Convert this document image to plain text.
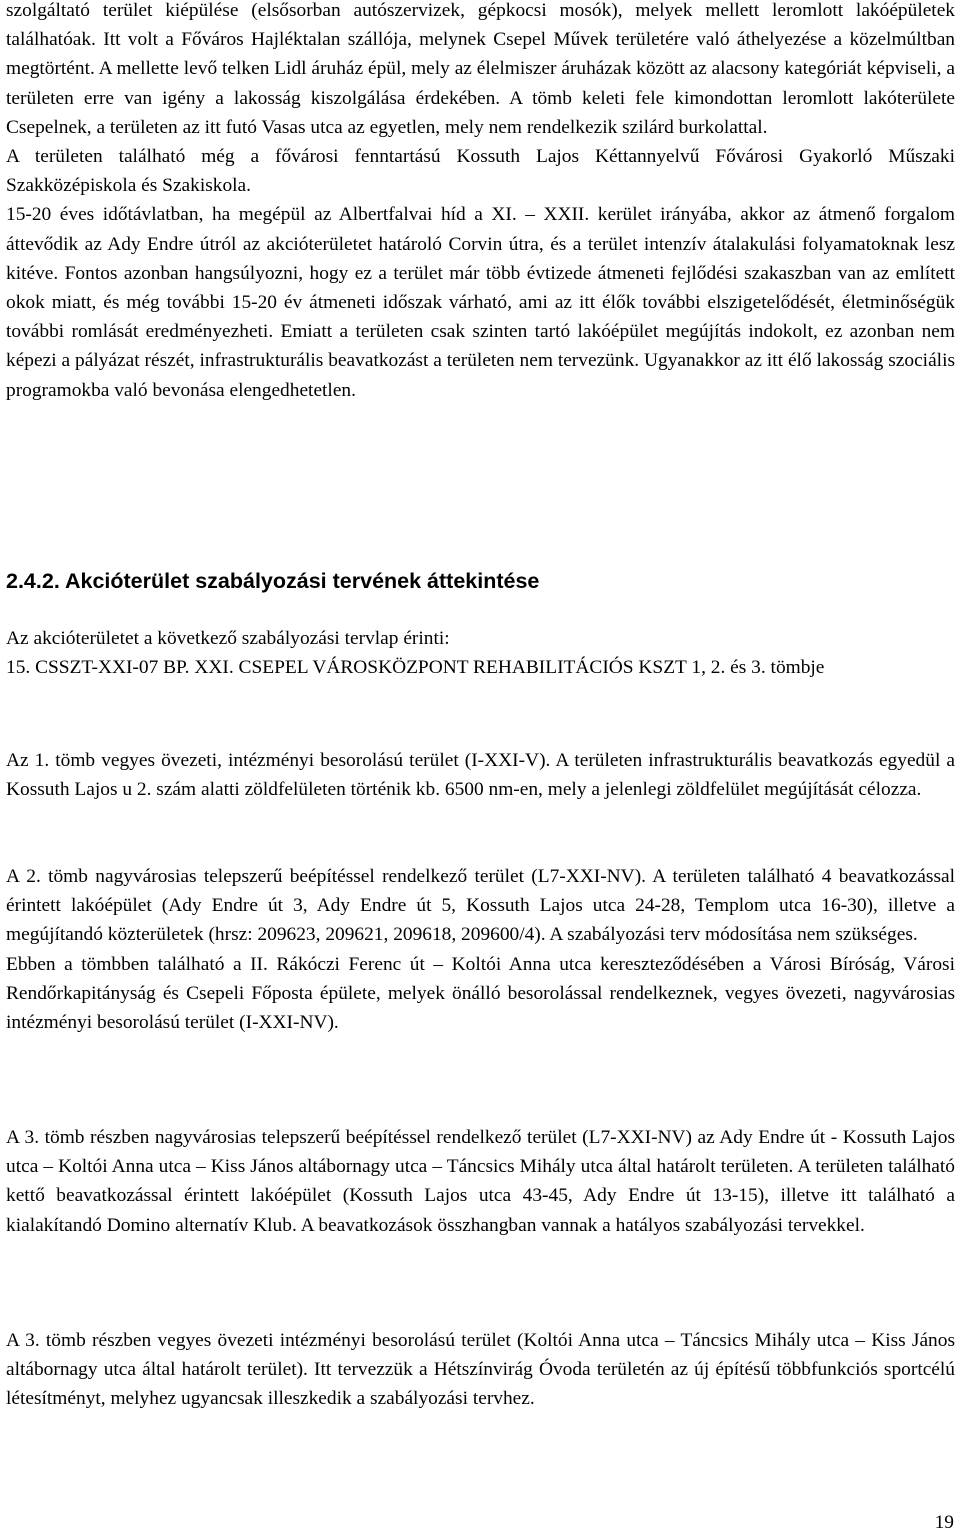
szolgáltató terület kiépülése (elsősorban autószervizek, gépkocsi mosók), melyek mellett leromlott lakóépületek találhatóak. Itt volt a Főváros Hajléktalan szállója, melynek Csepel Művek területére való áthelyezése a közelmúltban megtörtént. A mellette levő telken Lidl áruház épül, mely az élelmiszer áruházak között az alacsony kategóriát képviseli, a területen erre van igény a lakosság kiszolgálása érdekében. A tömb keleti fele kimondottan leromlott lakóterülete Csepelnek, a területen az itt futó Vasas utca az egyetlen, mely nem rendelkezik szilárd burkolattal.

A területen található még a fővárosi fenntartású Kossuth Lajos Kéttannyelvű Fővárosi Gyakorló Műszaki Szakközépiskola és Szakiskola.

15-20 éves időtávlatban, ha megépül az Albertfalvai híd a XI. – XXII. kerület irányába, akkor az átmenő forgalom áttevődik az Ady Endre útról az akcióterületet határoló Corvin útra, és a terület intenzív átalakulási folyamatoknak lesz kitéve. Fontos azonban hangsúlyozni, hogy ez a terület már több évtizede átmeneti fejlődési szakaszban van az említett okok miatt, és még további 15-20 év átmeneti időszak várható, ami az itt élők további elszigetelődését, életminőségük további romlását eredményezheti. Emiatt a területen csak szinten tartó lakóépület megújítás indokolt, ez azonban nem képezi a pályázat részét, infrastrukturális beavatkozást a területen nem tervezünk. Ugyanakkor az itt élő lakosság szociális programokba való bevonása elengedhetetlen.

2.4.2. Akcióterület szabályozási tervének áttekintése

Az akcióterületet a következő szabályozási tervlap érinti:

15. CSSZT-XXI-07 BP. XXI. CSEPEL VÁROSKÖZPONT REHABILITÁCIÓS KSZT 1, 2. és 3. tömbje

Az 1. tömb vegyes övezeti, intézményi besorolású terület (I-XXI-V). A területen infrastrukturális beavatkozás egyedül a Kossuth Lajos u 2. szám alatti zöldfelületen történik kb. 6500 nm-en, mely a jelenlegi zöldfelület megújítását célozza.

A 2. tömb nagyvárosias telepszerű beépítéssel rendelkező terület (L7-XXI-NV). A területen található 4 beavatkozással érintett lakóépület (Ady Endre út 3, Ady Endre út 5, Kossuth Lajos utca 24-28, Templom utca 16-30), illetve a megújítandó közterületek (hrsz: 209623, 209621, 209618, 209600/4). A szabályozási terv módosítása nem szükséges.

Ebben a tömbben található a II. Rákóczi Ferenc út – Koltói Anna utca kereszteződésében a Városi Bíróság, Városi Rendőrkapitányság és Csepeli Főposta épülete, melyek önálló besorolással rendelkeznek, vegyes övezeti, nagyvárosias intézményi besorolású terület (I-XXI-NV).

A 3. tömb részben nagyvárosias telepszerű beépítéssel rendelkező terület (L7-XXI-NV) az Ady Endre út - Kossuth Lajos utca – Koltói Anna utca – Kiss János altábornagy utca – Táncsics Mihály utca által határolt területen. A területen található kettő beavatkozással érintett lakóépület (Kossuth Lajos utca 43-45, Ady Endre út 13-15), illetve itt található a kialakítandó Domino alternatív Klub. A beavatkozások összhangban vannak a hatályos szabályozási tervekkel.

A 3. tömb részben vegyes övezeti intézményi besorolású terület (Koltói Anna utca – Táncsics Mihály utca – Kiss János altábornagy utca által határolt terület). Itt tervezzük a Hétszínvirág Óvoda területén az új építésű többfunkciós sportcélú létesítményt, melyhez ugyancsak illeszkedik a szabályozási tervhez.

19
